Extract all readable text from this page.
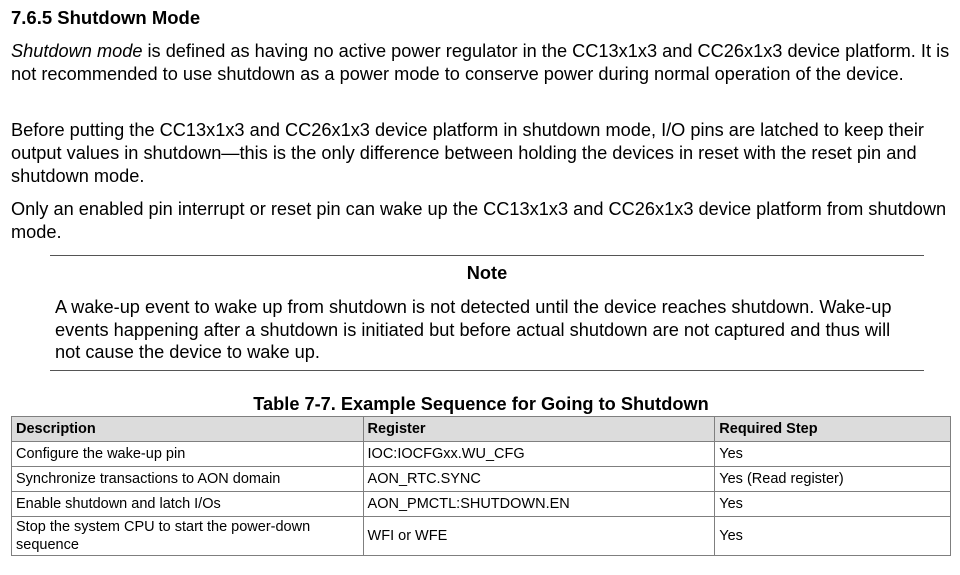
7.6.5 Shutdown Mode

Shutdown mode is defined as having no active power regulator in the CC13x1x3 and CC26x1x3 device platform. It is not recommended to use shutdown as a power mode to conserve power during normal operation of the device.

Before putting the CC13x1x3 and CC26x1x3 device platform in shutdown mode, I/O pins are latched to keep their output values in shutdown—this is the only difference between holding the devices in reset with the reset pin and shutdown mode.

Only an enabled pin interrupt or reset pin can wake up the CC13x1x3 and CC26x1x3 device platform from shutdown mode.

Note

A wake-up event to wake up from shutdown is not detected until the device reaches shutdown. Wake-up events happening after a shutdown is initiated but before actual shutdown are not captured and thus will not cause the device to wake up.

Table 7-7. Example Sequence for Going to Shutdown
Description	Register	Required Step
Configure the wake-up pin	IOC:IOCFGxx.WU_CFG	Yes
Synchronize transactions to AON domain	AON_RTC.SYNC	Yes (Read register)
Enable shutdown and latch I/Os	AON_PMCTL:SHUTDOWN.EN	Yes
Stop the system CPU to start the power-down sequence	WFI or WFE	Yes
